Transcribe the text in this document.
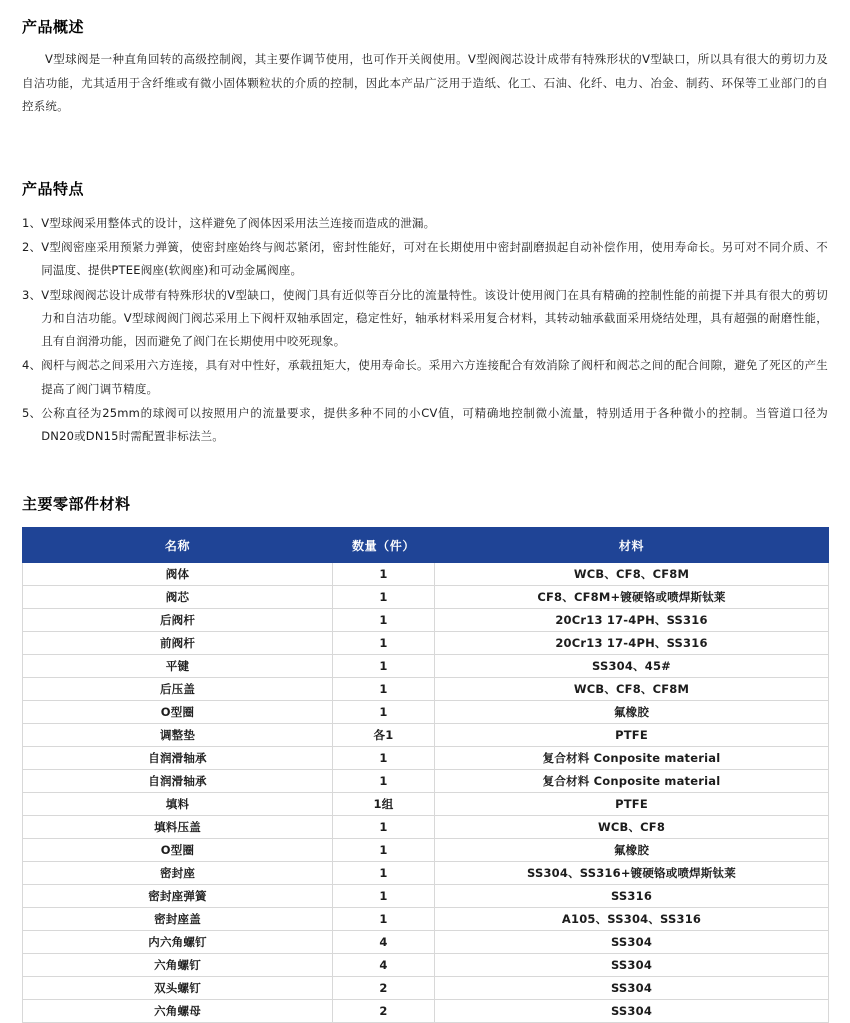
产品概述

V型球阀是一种直角回转的高级控制阀，其主要作调节使用，也可作开关阀使用。V型阀阀芯设计成带有特殊形状的V型缺口，所以具有很大的剪切力及自洁功能，尤其适用于含纤维或有微小固体颗粒状的介质的控制，因此本产品广泛用于造纸、化工、石油、化纤、电力、冶金、制药、环保等工业部门的自控系统。

产品特点
1、 V型球阀采用整体式的设计，这样避免了阀体因采用法兰连接而造成的泄漏。
2、 V型阀密座采用预紧力弹簧，使密封座始终与阀芯紧闭，密封性能好，可对在长期使用中密封副磨损起自动补偿作用，使用寿命长。另可对不同介质、不同温度、提供PTEE阀座(软阀座)和可动金属阀座。
3、 V型球阀阀芯设计成带有特殊形状的V型缺口，使阀门具有近似等百分比的流量特性。该设计使用阀门在具有精确的控制性能的前提下并具有很大的剪切力和自洁功能。V型球阀阀门阀芯采用上下阀杆双轴承固定，稳定性好，轴承材料采用复合材料，其转动轴承截面采用烧结处理，具有超强的耐磨性能，且有自润滑功能，因而避免了阀门在长期使用中咬死现象。
4、 阀杆与阀芯之间采用六方连接，具有对中性好，承载扭矩大，使用寿命长。采用六方连接配合有效消除了阀杆和阀芯之间的配合间隙，避免了死区的产生提高了阀门调节精度。
5、 公称直径为25mm的球阀可以按照用户的流量要求，提供多种不同的小CV值，可精确地控制微小流量，特别适用于各种微小的控制。当管道口径为DN20或DN15时需配置非标法兰。
主要零部件材料
名称	数量（件）	材料
阀体	1	WCB、CF8、CF8M
阀芯	1	CF8、CF8M+镀硬铬或喷焊斯钛莱
后阀杆	1	20Cr13 17-4PH、SS316
前阀杆	1	20Cr13 17-4PH、SS316
平键	1	SS304、45#
后压盖	1	WCB、CF8、CF8M
O型圈	1	氟橡胶
调整垫	各1	PTFE
自润滑轴承	1	复合材料 Conposite material
自润滑轴承	1	复合材料 Conposite material
填料	1组	PTFE
填料压盖	1	WCB、CF8
O型圈	1	氟橡胶
密封座	1	SS304、SS316+镀硬铬或喷焊斯钛莱
密封座弹簧	1	SS316
密封座盖	1	A105、SS304、SS316
内六角螺钉	4	SS304
六角螺钉	4	SS304
双头螺钉	2	SS304
六角螺母	2	SS304
